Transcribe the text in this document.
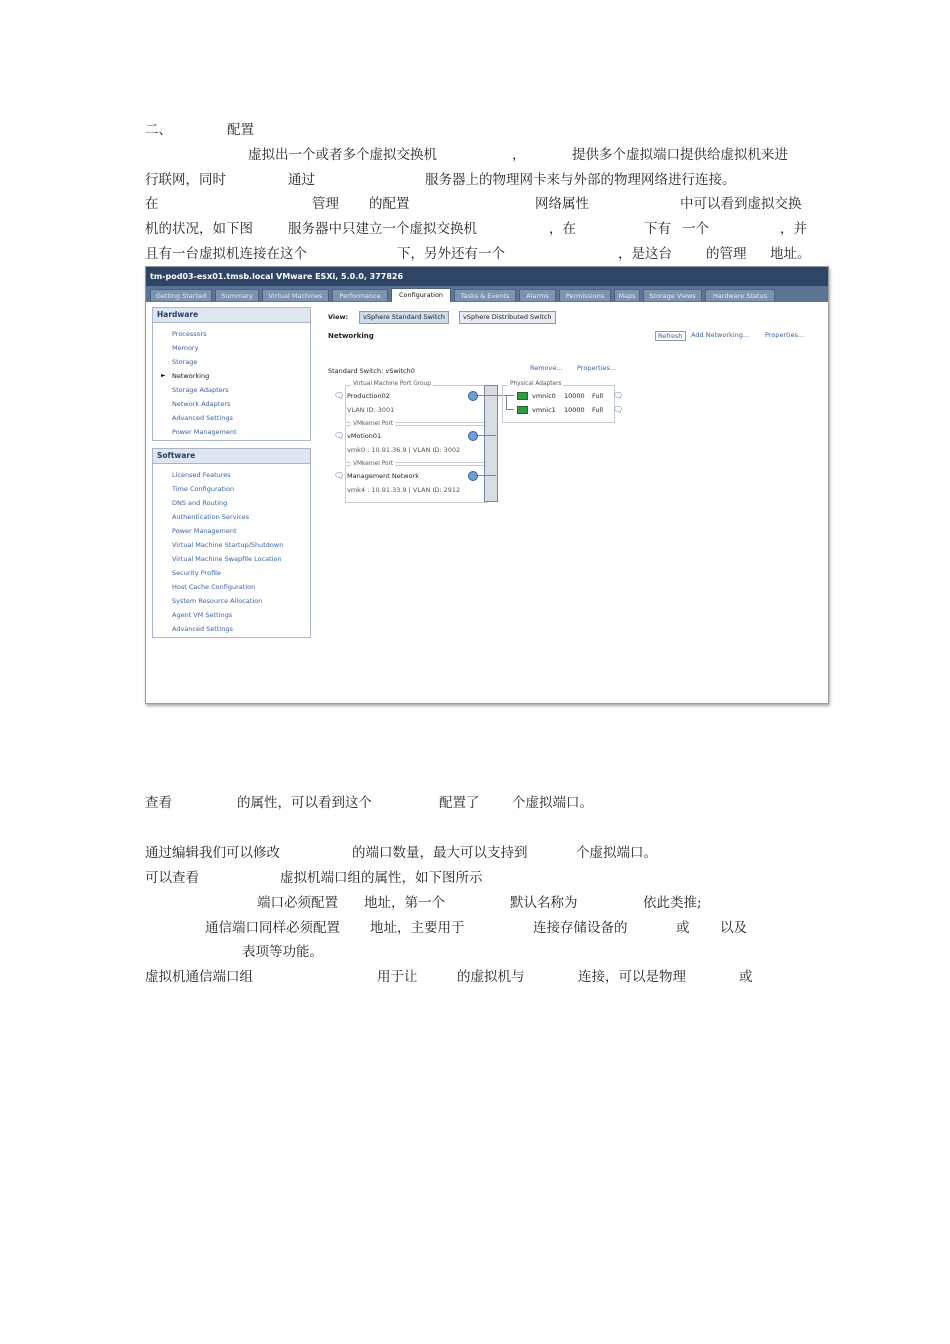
二、	配置
虚拟出一个或者多个虚拟交换机	，	提供多个虚拟端口提供给虚拟机来进
行联网，同时	通过	服务器上的物理网卡来与外部的物理网络进行连接。
在	管理 的配置	网络属性	中可以看到虚拟交换
机的状况，如下图	服务器中只建立一个虚拟交换机	，在	下有 一个	，并
且有一台虚拟机连接在这个	下，另外还有一个	，是这台	的管理 地址。
tm-pod03-esx01.tmsb.local VMware ESXi, 5.0.0, 377826
Getting Started	Summary	Virtual Machines	Performance	Configuration	Tasks & Events	Alarms	Permissions	Maps	Storage Views	Hardware Status
Hardware
Processors
Memory
Storage
► Networking
Storage Adapters
Network Adapters
Advanced Settings
Power Management
Software
Licensed Features
Time Configuration
DNS and Routing
Authentication Services
Power Management
Virtual Machine Startup/Shutdown
Virtual Machine Swapfile Location
Security Profile
Host Cache Configuration
System Resource Allocation
Agent VM Settings
Advanced Settings
View:	vSphere Standard Switch	vSphere Distributed Switch
Networking	Refresh	Add Networking... Properties...
Standard Switch: vSwitch0	Remove... Properties...
Virtual Machine Port Group
🗨 Production02
VLAN ID: 3001
VMkernel Port
🗨 vMotion01
vmk0 : 10.91.36.9 | VLAN ID: 3002
VMkernel Port
🗨 Management Network
vmk4 : 10.91.33.9 | VLAN ID: 2912
Physical Adapters
vmnic0 10000 Full 🗨
vmnic1 10000 Full 🗨
查看	的属性，可以看到这个	配置了 个虚拟端口。
通过编辑我们可以修改	的端口数量，最大可以支持到	个虚拟端口。
可以查看	虚拟机端口组的属性，如下图所示
端口必须配置 地址，第一个	默认名称为	依此类推;
通信端口同样必须配置 地址，主要用于	连接存储设备的	或 以及
表项等功能。
虚拟机通信端口组	用于让	的虚拟机与	连接，可以是物理	或
